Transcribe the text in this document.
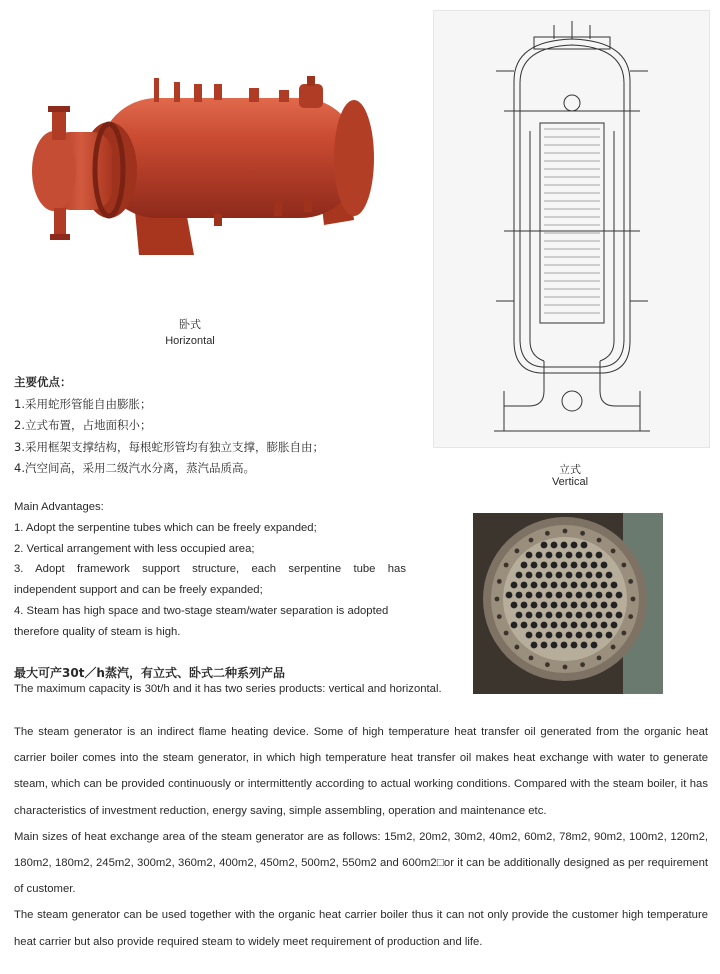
卧式
Horizontal
立式
Vertical
主要优点：
1.采用蛇形管能自由膨胀；
2.立式布置，占地面积小；
3.采用框架支撑结构，每根蛇形管均有独立支撑，膨胀自由；
4.汽空间高，采用二级汽水分离，蒸汽品质高。
Main Advantages:
1. Adopt the serpentine tubes which can be freely expanded;
2. Vertical arrangement with less occupied area;
3. Adopt framework support structure, each serpentine tube has
independent support and can be freely expanded;
4. Steam has high space and two-stage steam/water separation is adopted
therefore quality of steam is high.
最大可产30t／h蒸汽，有立式、卧式二种系列产品
The maximum capacity is 30t/h and it has two series products: vertical and horizontal.

The steam generator is an indirect flame heating device. Some of high temperature heat transfer oil generated from the organic heat carrier boiler comes into the steam generator, in which high temperature heat transfer oil makes heat exchange with water to generate steam, which can be provided continuously or intermittently according to actual working conditions. Compared with the steam boiler, it has characteristics of investment reduction, energy saving, simple assembling, operation and maintenance etc.

Main sizes of heat exchange area of the steam generator are as follows: 15m2, 20m2, 30m2, 40m2, 60m2, 78m2, 90m2, 100m2, 120m2, 180m2, 180m2, 245m2, 300m2, 360m2, 400m2, 450m2, 500m2, 550m2 and 600m2□or it can be additionally designed as per requirement of customer.

The steam generator can be used together with the organic heat carrier boiler thus it can not only provide the customer high temperature heat carrier but also provide required steam to widely meet requirement of production and life.
